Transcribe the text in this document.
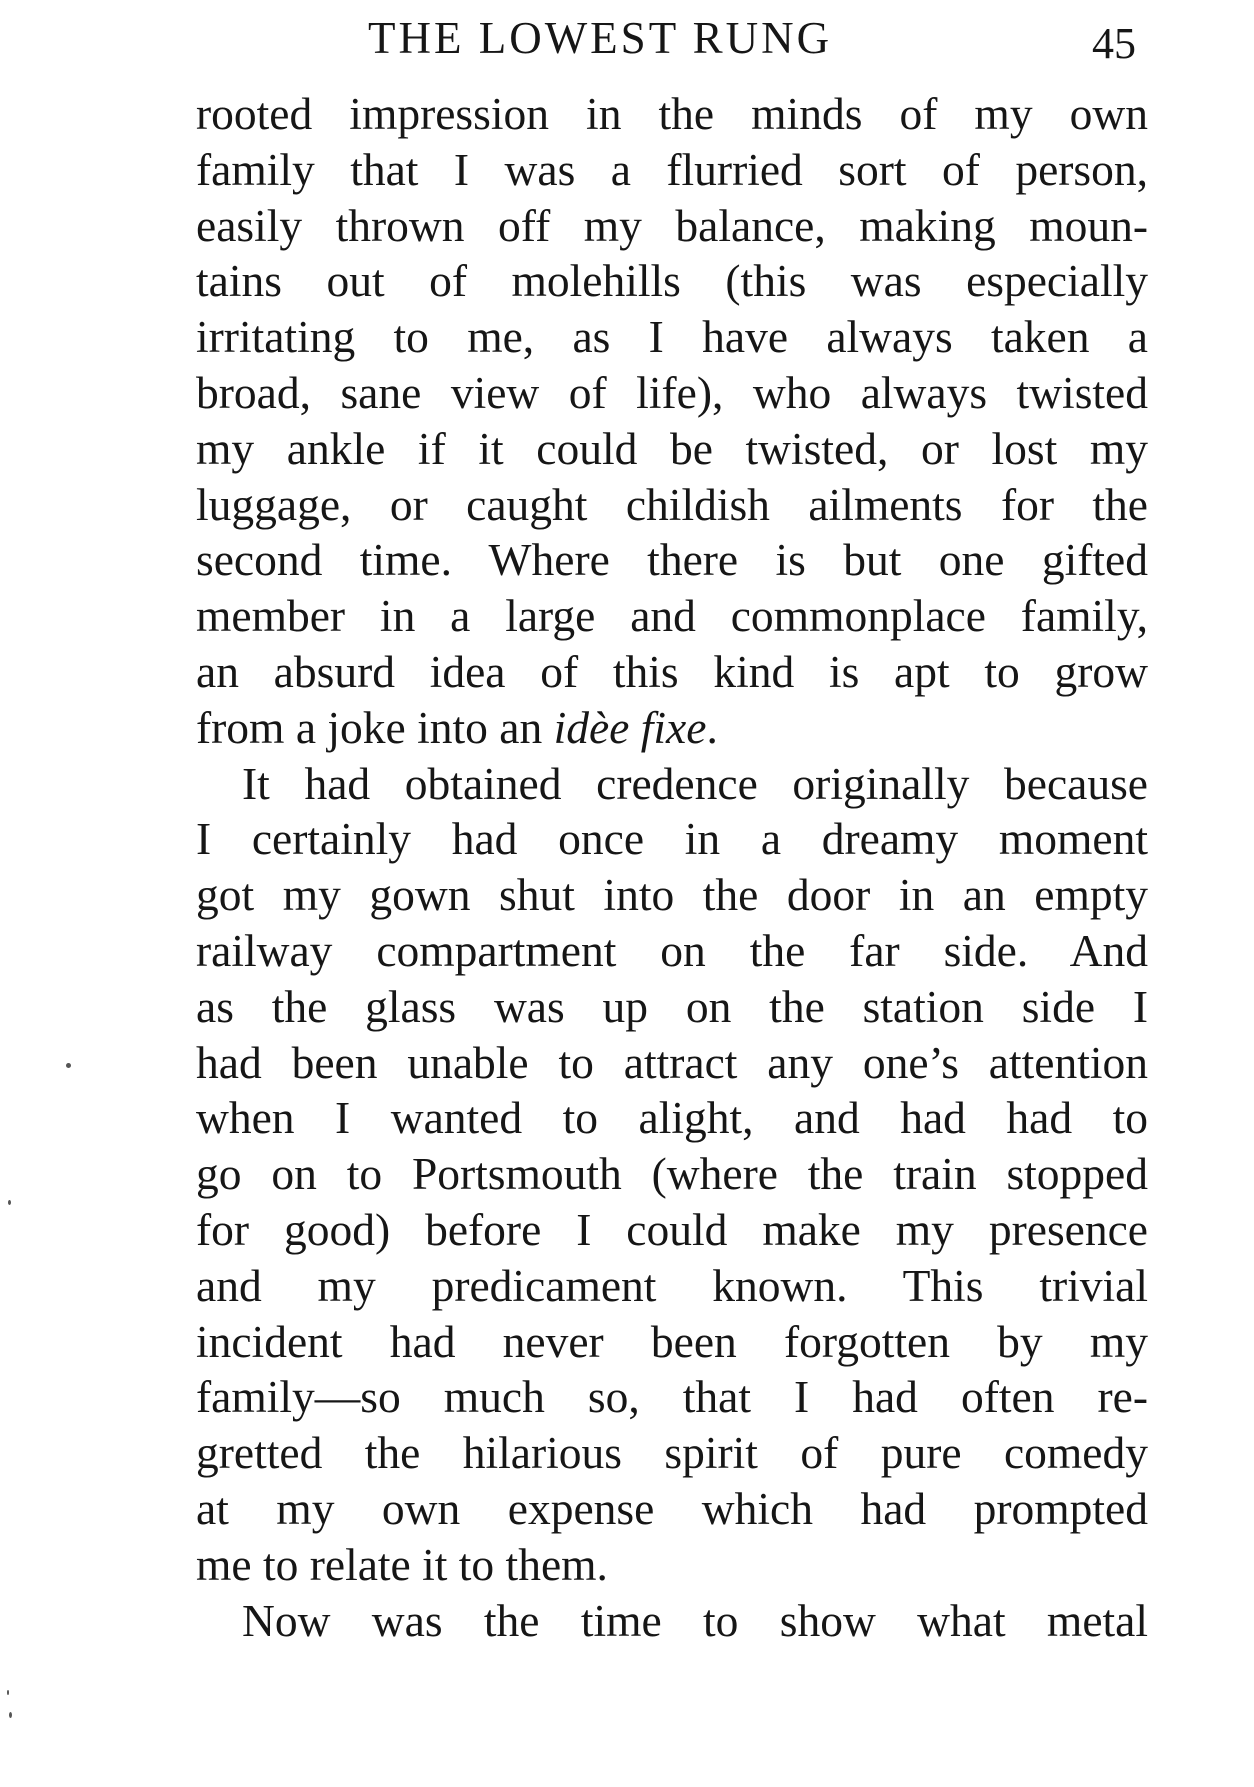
THE LOWEST RUNG	45
rooted impression in the minds of my own
family that I was a flurried sort of person,
easily thrown off my balance, making moun-
tains out of molehills (this was especially
irritating to me, as I have always taken a
broad, sane view of life), who always twisted
my ankle if it could be twisted, or lost my
luggage, or caught childish ailments for the
second time. Where there is but one gifted
member in a large and commonplace family,
an absurd idea of this kind is apt to grow
from a joke into an idèe fixe.
It had obtained credence originally because
I certainly had once in a dreamy moment
got my gown shut into the door in an empty
railway compartment on the far side. And
as the glass was up on the station side I
had been unable to attract any one’s attention
when I wanted to alight, and had had to
go on to Portsmouth (where the train stopped
for good) before I could make my presence
and my predicament known. This trivial
incident had never been forgotten by my
family—so much so, that I had often re-
gretted the hilarious spirit of pure comedy
at my own expense which had prompted
me to relate it to them.
Now was the time to show what metal
